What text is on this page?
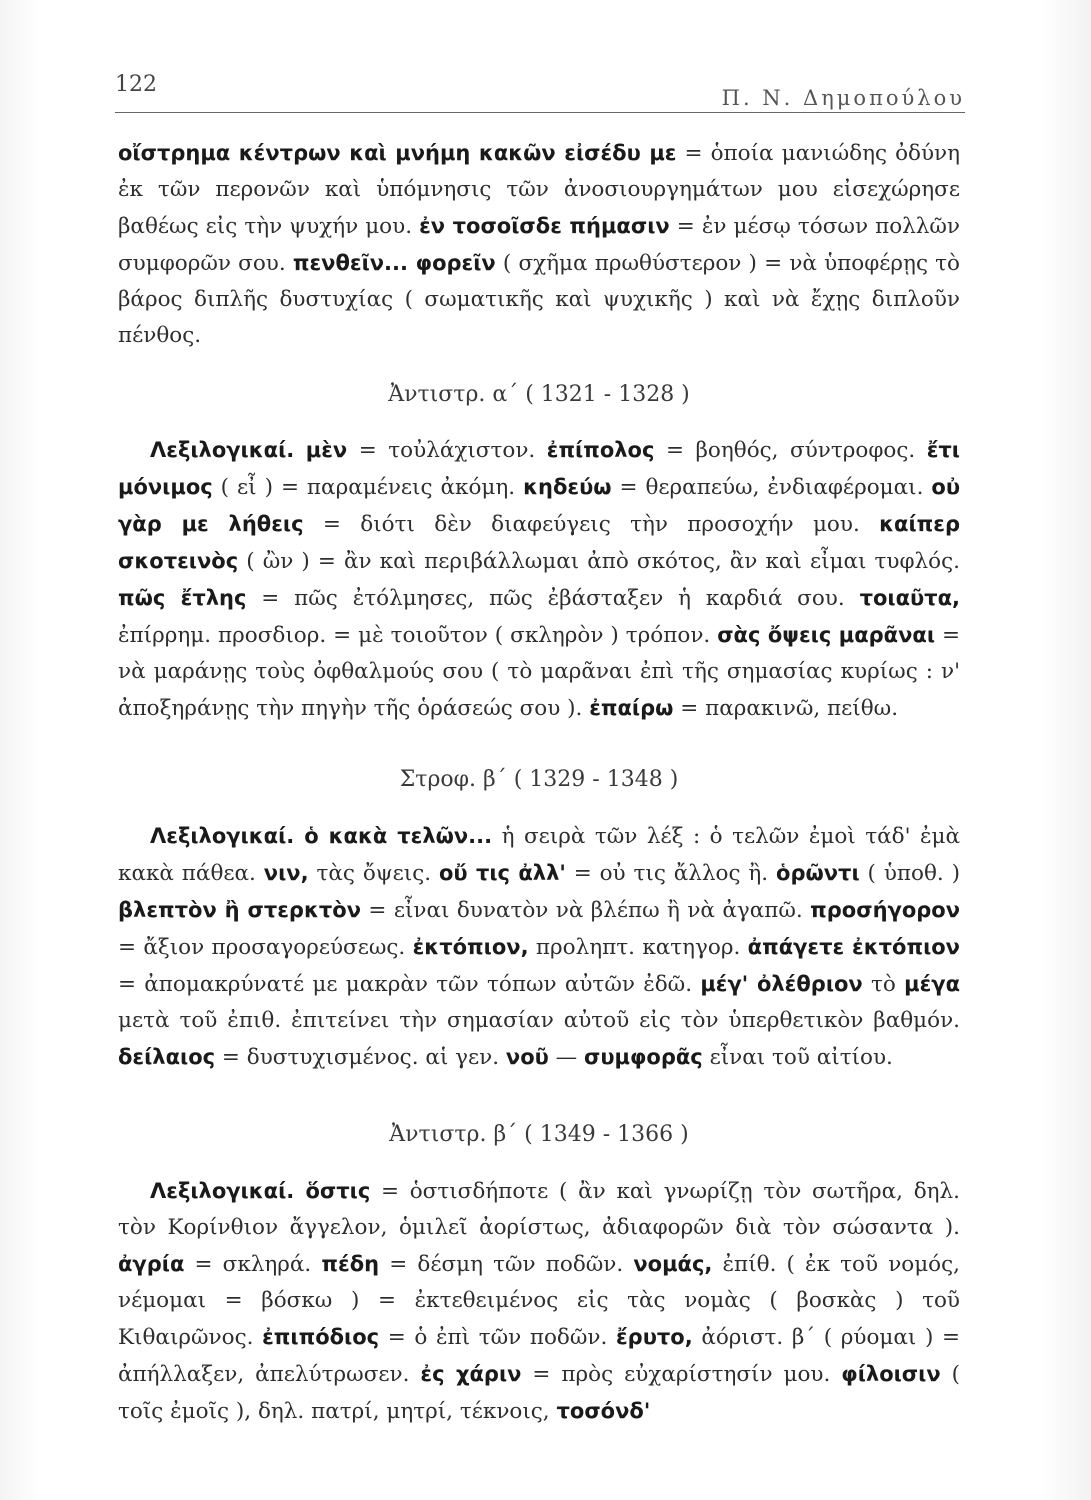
122
Π. Ν. Δημοπούλου
οἴστρημα κέντρων καὶ μνήμη κακῶν εἰσέδυ με = ὁποία μανιώδης ὀδύνη ἐκ τῶν περονῶν καὶ ὑπόμνησις τῶν ἀνοσιουργημάτων μου εἰσεχώρησε βαθέως εἰς τὴν ψυχήν μου. ἐν τοσοῖσδε πήμασιν = ἐν μέσῳ τόσων πολλῶν συμφορῶν σου. πενθεῖν... φορεῖν ( σχῆμα πρωθύστερον ) = νὰ ὑποφέρῃς τὸ βάρος διπλῆς δυστυχίας ( σωματικῆς καὶ ψυχικῆς ) καὶ νὰ ἔχῃς διπλοῦν πένθος.
Ἀντιστρ. α΄ ( 1321 - 1328 )
Λεξιλογικαί. μὲν = τοὐλάχιστον. ἐπίπολος = βοηθός, σύντροφος. ἔτι μόνιμος ( εἶ ) = παραμένεις ἀκόμη. κηδεύω = θεραπεύω, ἐνδιαφέρομαι. οὐ γὰρ με λήθεις = διότι δὲν διαφεύγεις τὴν προσοχήν μου. καίπερ σκοτεινὸς ( ὢν ) = ἂν καὶ περιβάλλωμαι ἀπὸ σκότος, ἂν καὶ εἶμαι τυφλός. πῶς ἔτλης = πῶς ἐτόλμησες, πῶς ἐβάσταξεν ἡ καρδιά σου. τοιαῦτα, ἐπίρρημ. προσδιορ. = μὲ τοιοῦτον ( σκληρὸν ) τρόπον. σὰς ὄψεις μαρᾶναι = νὰ μαράνῃς τοὺς ὀφθαλμούς σου ( τὸ μαρᾶναι ἐπὶ τῆς σημασίας κυρίως : ν' ἀποξηράνῃς τὴν πηγὴν τῆς ὁράσεώς σου ). ἐπαίρω = παρακινῶ, πείθω.
Στροφ. β΄ ( 1329 - 1348 )
Λεξιλογικαί. ὁ κακὰ τελῶν... ἡ σειρὰ τῶν λέξ : ὁ τελῶν ἐμοὶ τάδ' ἐμὰ κακὰ πάθεα. νιν, τὰς ὄψεις. οὔ τις ἀλλ' = οὐ τις ἄλλος ἢ. ὁρῶντι ( ὑποθ. ) βλεπτὸν ἢ στερκτὸν = εἶναι δυνατὸν νὰ βλέπω ἢ νὰ ἀγαπῶ. προσήγορον = ἄξιον προσαγορεύσεως. ἐκτόπιον, προληπτ. κατηγορ. ἀπάγετε ἐκτόπιον = ἀπομακρύνατέ με μακρὰν τῶν τόπων αὐτῶν ἐδῶ. μέγ' ὀλέθριον τὸ μέγα μετὰ τοῦ ἐπιθ. ἐπιτείνει τὴν σημασίαν αὐτοῦ εἰς τὸν ὑπερθετικὸν βαθμόν. δείλαιος = δυστυχισμένος. αἱ γεν. νοῦ — συμφορᾶς εἶναι τοῦ αἰτίου.
Ἀντιστρ. β΄ ( 1349 - 1366 )
Λεξιλογικαί. ὅστις = ὁστισδήποτε ( ἂν καὶ γνωρίζῃ τὸν σωτῆρα, δηλ. τὸν Κορίνθιον ἄγγελον, ὁμιλεῖ ἀορίστως, ἀδιαφορῶν διὰ τὸν σώσαντα ). ἀγρία = σκληρά. πέδη = δέσμη τῶν ποδῶν. νομάς, ἐπίθ. ( ἐκ τοῦ νομός, νέμομαι = βόσκω ) = ἐκτεθειμένος εἰς τὰς νομὰς ( βοσκὰς ) τοῦ Κιθαιρῶνος. ἐπιπόδιος = ὁ ἐπὶ τῶν ποδῶν. ἔρυτο, ἀόριστ. β΄ ( ρύομαι ) = ἀπήλλαξεν, ἀπελύτρωσεν. ἐς χάριν = πρὸς εὐχαρίστησίν μου. φίλοισιν ( τοῖς ἐμοῖς ), δηλ. πατρί, μητρί, τέκνοις, τοσόνδ'
